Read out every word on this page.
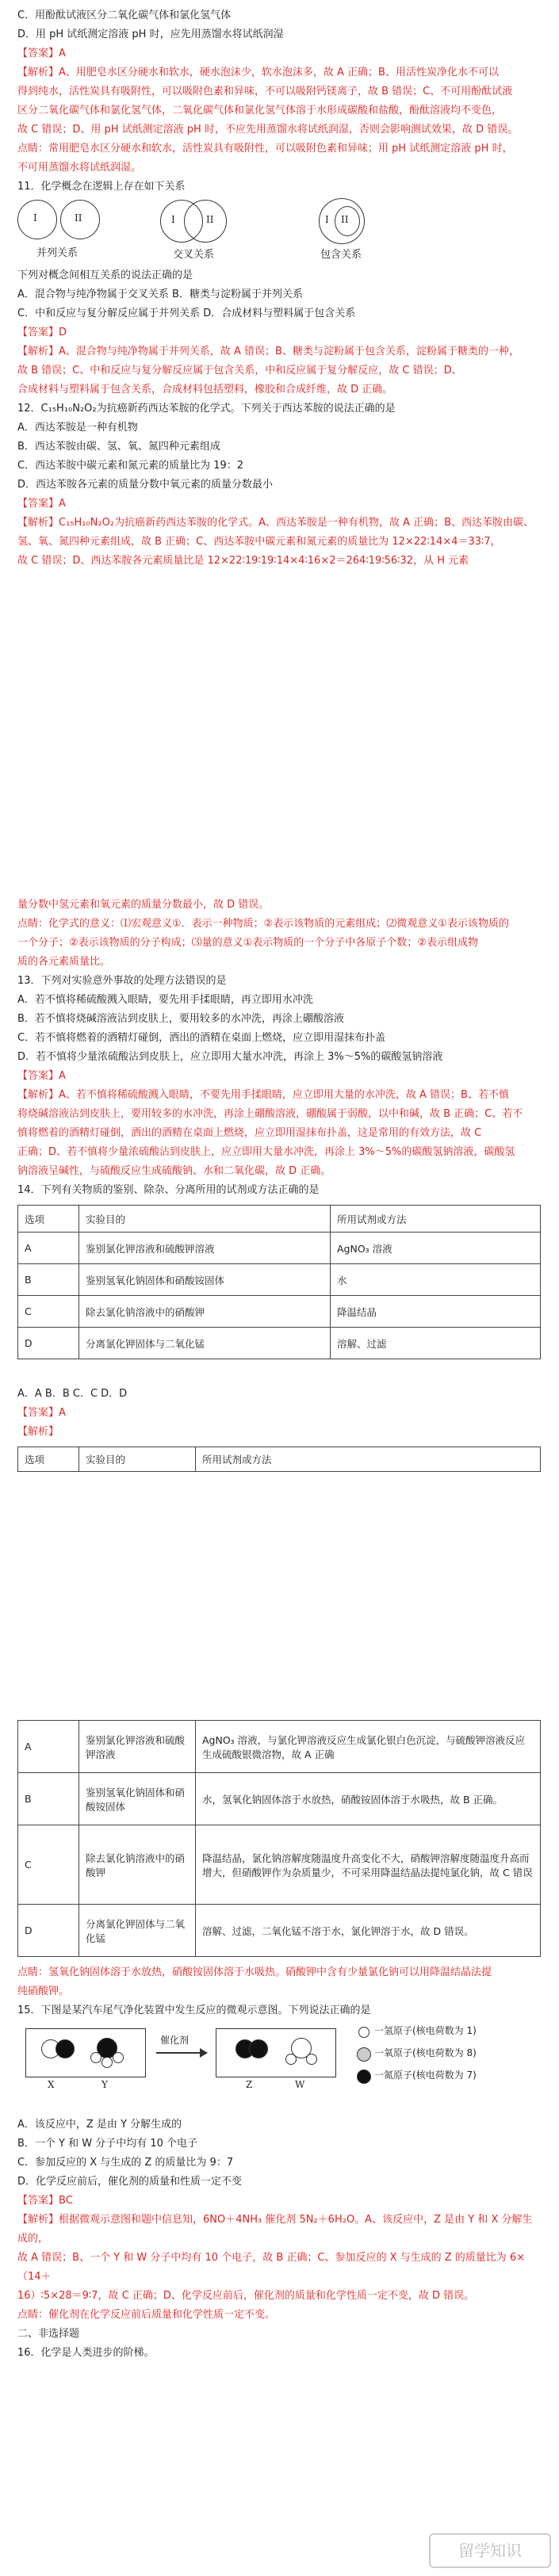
C．用酚酞试液区分二氧化碳气体和氯化氢气体

D．用 pH 试纸测定溶液 pH 时，应先用蒸馏水将试纸润湿

【答案】A

【解析】A、用肥皂水区分硬水和软水，硬水泡沫少，软水泡沫多，故 A 正确；B、用活性炭净化水不可以

得到纯水，活性炭具有吸附性，可以吸附色素和异味，不可以吸附钙镁离子，故 B 错误；C、不可用酚酞试液

区分二氧化碳气体和氯化氢气体，二氧化碳气体和氯化氢气体溶于水形成碳酸和盐酸，酚酞溶液均不变色，

故 C 错误；D、用 pH 试纸测定溶液 pH 时，不应先用蒸馏水将试纸润湿，否则会影响测试效果，故 D 错误。

点睛：常用肥皂水区分硬水和软水，活性炭具有吸附性，可以吸附色素和异味；用 pH 试纸测定溶液 pH 时，

不可用蒸馏水将试纸润湿。

11．化学概念在逻辑上存在如下关系

I	II
并列关系
I	II
交叉关系
I II
包含关系

下列对概念间相互关系的说法正确的是

A．混合物与纯净物属于交叉关系 B．糖类与淀粉属于并列关系

C．中和反应与复分解反应属于并列关系 D．合成材料与塑料属于包含关系

【答案】D

【解析】A、混合物与纯净物属于并列关系，故 A 错误；B、糖类与淀粉属于包含关系，淀粉属于糖类的一种，

故 B 错误；C、中和反应与复分解反应属于包含关系，中和反应属于复分解反应，故 C 错误；D、

合成材料与塑料属于包含关系，合成材料包括塑料，橡胶和合成纤维，故 D 正确。

12．C₁₅H₁₀N₂O₂为抗癌新药西达苯胺的化学式。下列关于西达苯胺的说法正确的是

A．西达苯胺是一种有机物

B．西达苯胺由碳、氢、氧、氮四种元素组成

C．西达苯胺中碳元素和氮元素的质量比为 19：2

D．西达苯胺各元素的质量分数中氧元素的质量分数最小

【答案】A

【解析】C₁₅H₁₀N₂O₂为抗癌新药西达苯胺的化学式。A、西达苯胺是一种有机物，故 A 正确；B、西达苯胺由碳、

氢、氧、氮四种元素组成，故 B 正确；C、西达苯胺中碳元素和氮元素的质量比为 12×22∶14×4＝33∶7，

故 C 错误；D、西达苯胺各元素质量比是 12×22∶19∶19∶14×4∶16×2＝264∶19∶56∶32，从 H 元素

量分数中氢元素和氧元素的质量分数最小，故 D 错误。

点睛：化学式的意义：⑴宏观意义①．表示一种物质；②表示该物质的元素组成；⑵微观意义①表示该物质的

一个分子；②表示该物质的分子构成；⑶量的意义①表示物质的一个分子中各原子个数；②表示组成物

质的各元素质量比。

13．下列对实验意外事故的处理方法错误的是

A．若不慎将稀硫酸溅入眼睛，要先用手揉眼睛，再立即用水冲洗

B．若不慎将烧碱溶液沾到皮肤上，要用较多的水冲洗，再涂上硼酸溶液

C．若不慎将燃着的酒精灯碰倒，洒出的酒精在桌面上燃烧，应立即用湿抹布扑盖

D．若不慎将少量浓硫酸沾到皮肤上，应立即用大量水冲洗，再涂上 3%～5%的碳酸氢钠溶液

【答案】A

【解析】A、若不慎将稀硫酸溅入眼睛，不要先用手揉眼睛，应立即用大量的水冲洗，故 A 错误；B、若不慎

将烧碱溶液沾到皮肤上，要用较多的水冲洗，再涂上硼酸溶液，硼酸属于弱酸，以中和碱，故 B 正确；C、若不

慎将燃着的酒精灯碰倒，洒出的酒精在桌面上燃烧，应立即用湿抹布扑盖，这是常用的有效方法，故 C

正确；D、若不慎将少量浓硫酸沾到皮肤上，应立即用大量水冲洗，再涂上 3%～5%的碳酸氢钠溶液，碳酸氢

钠溶液呈碱性，与硫酸反应生成硫酸钠、水和二氧化碳，故 D 正确。

14．下列有关物质的鉴别、除杂、分离所用的试剂或方法正确的是

选项	实验目的	所用试剂或方法
A	鉴别氯化钾溶液和硫酸钾溶液	AgNO₃ 溶液
B	鉴别氢氧化钠固体和硝酸铵固体	水
C	除去氯化钠溶液中的硝酸钾	降温结晶
D	分离氯化钾固体与二氧化锰	溶解、过滤

A．A B．B C．C D．D

【答案】A

【解析】

选项	实验目的	所用试剂或方法
A	鉴别氯化钾溶液和硫酸钾溶液	AgNO₃ 溶液，与氯化钾溶液反应生成氯化银白色沉淀，与硫酸钾溶液反应生成硫酸银微溶物，故 A 正确
B	鉴别氢氧化钠固体和硝酸铵固体	水，氢氧化钠固体溶于水放热，硝酸铵固体溶于水吸热，故 B 正确。
C	除去氯化钠溶液中的硝酸钾	降温结晶，氯化钠溶解度随温度升高变化不大，硝酸钾溶解度随温度升高而增大，但硝酸钾作为杂质量少，不可采用降温结晶法提纯氯化钠，故 C 错误
D	分离氯化钾固体与二氧化锰	溶解、过滤，二氧化锰不溶于水，氯化钾溶于水，故 D 错误。

点睛：氢氧化钠固体溶于水放热，硝酸铵固体溶于水吸热。硝酸钾中含有少量氯化钠可以用降温结晶法提

纯硝酸钾。

15．下图是某汽车尾气净化装置中发生反应的微观示意图。下列说法正确的是

X	Y
催化剂
Z	W
一氢原子(核电荷数为 1)
一氧原子(核电荷数为 8)
一氮原子(核电荷数为 7)

A．该反应中，Z 是由 Y 分解生成的

B．一个 Y 和 W 分子中均有 10 个电子

C．参加反应的 X 与生成的 Z 的质量比为 9：7

D．化学反应前后，催化剂的质量和性质一定不变

【答案】BC

【解析】根据微观示意图和题中信息知，6NO＋4NH₃ 催化剂 5N₂＋6H₂O。A、该反应中，Z 是由 Y 和 X 分解生成的，

故 A 错误；B、一个 Y 和 W 分子中均有 10 个电子，故 B 正确；C、参加反应的 X 与生成的 Z 的质量比为 6×（14＋

16）∶5×28＝9∶7，故 C 正确；D、化学反应前后，催化剂的质量和化学性质一定不变，故 D 错误。

点睛：催化剂在化学反应前后质量和化学性质一定不变。

二、非选择题

16．化学是人类进步的阶梯。

留学知识
